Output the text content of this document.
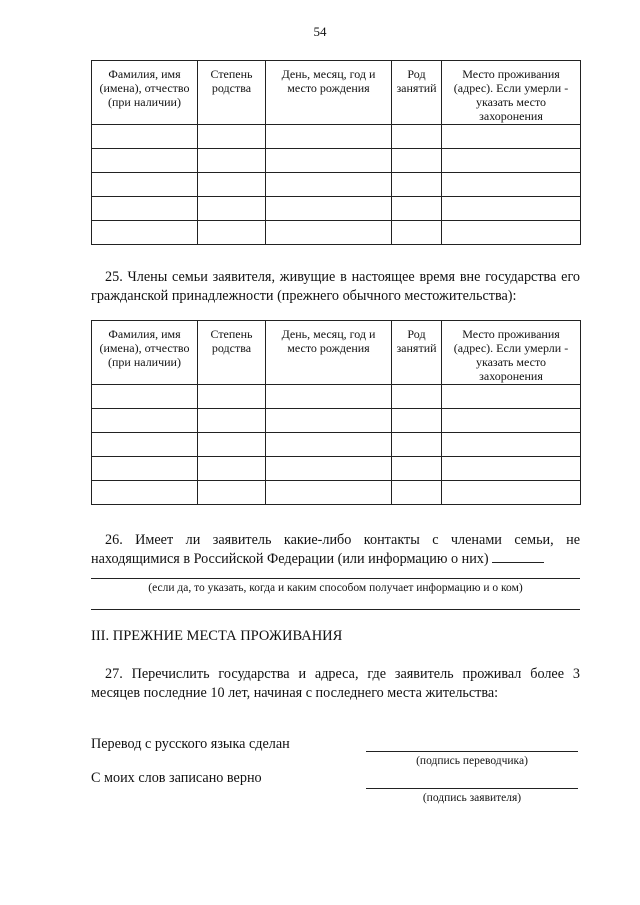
54
Фамилия, имя (имена), отчество (при наличии)	Степень родства	День, месяц, год и место рождения	Род занятий	Место проживания (адрес). Если умерли - указать место захоронения

25. Члены семьи заявителя, живущие в настоящее время вне государства его гражданской принадлежности (прежнего обычного местожительства):
Фамилия, имя (имена), отчество (при наличии)	Степень родства	День, месяц, год и место рождения	Род занятий	Место проживания (адрес). Если умерли - указать место захоронения

26. Имеет ли заявитель какие-либо контакты с членами семьи, не находящимися в Российской Федерации (или информацию о них)
(если да, то указать, когда и каким способом получает информацию и о ком)
III. ПРЕЖНИЕ МЕСТА ПРОЖИВАНИЯ
27. Перечислить государства и адреса, где заявитель проживал более 3 месяцев последние 10 лет, начиная с последнего места жительства:
Перевод с русского языка сделан
(подпись переводчика)
С моих слов записано верно
(подпись заявителя)
